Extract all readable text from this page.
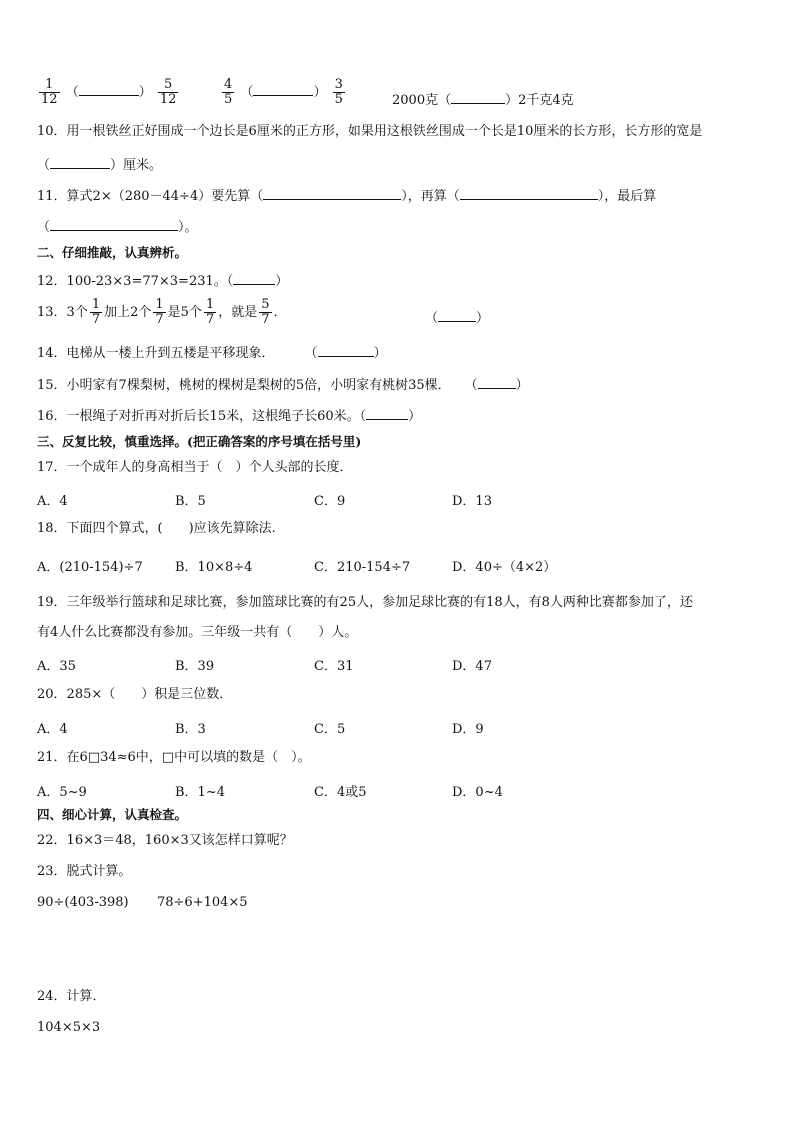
$\frac{1}{12}$ （	） $\frac{5}{12}$	$\frac{4}{5}$ （	） $\frac{3}{5}$	2000克（	）2千克4克
10．用一根铁丝正好围成一个边长是6厘米的正方形，如果用这根铁丝围成一个长是10厘米的长方形，长方形的宽是
（	）厘米。
11．算式2×（280－44÷4）要先算（	），再算（	），最后算
（	）。
二、仔细推敲，认真辨析。
12．100-23×3=77×3=231。（	）
13．3个 $\frac{1}{7}$ 加上2个 $\frac{1}{7}$ 是5个 $\frac{1}{7}$ ，就是 $\frac{5}{7}$ ．	（	）
14．电梯从一楼上升到五楼是平移现象． （	）
15．小明家有7棵梨树，桃树的棵树是梨树的5倍，小明家有桃树35棵． （	）
16．一根绳子对折再对折后长15米，这根绳子长60米。（	）
三、反复比较，慎重选择。(把正确答案的序号填在括号里)
17．一个成年人的身高相当于（　）个人头部的长度．
A．4	B．5	C．9	D．13
18．下面四个算式，(　　)应该先算除法.
A．(210-154)÷7 B．10×8÷4	C．210-154÷7	D．40÷（4×2）
19．三年级举行篮球和足球比赛，参加篮球比赛的有25人，参加足球比赛的有18人，有8人两种比赛都参加了，还
有4人什么比赛都没有参加。三年级一共有（　　）人。
A．35	B．39	C．31	D．47
20．285×（　　）积是三位数．
A．4	B．3	C．5	D．9
21．在6□34≈6中，□中可以填的数是（　）。
A．5~9	B．1~4	C．4或5	D．0~4
四、细心计算，认真检查。
22．16×3＝48，160×3又该怎样口算呢？
23．脱式计算。
90÷(403-398) 78÷6+104×5
24．计算．
104×5×3
